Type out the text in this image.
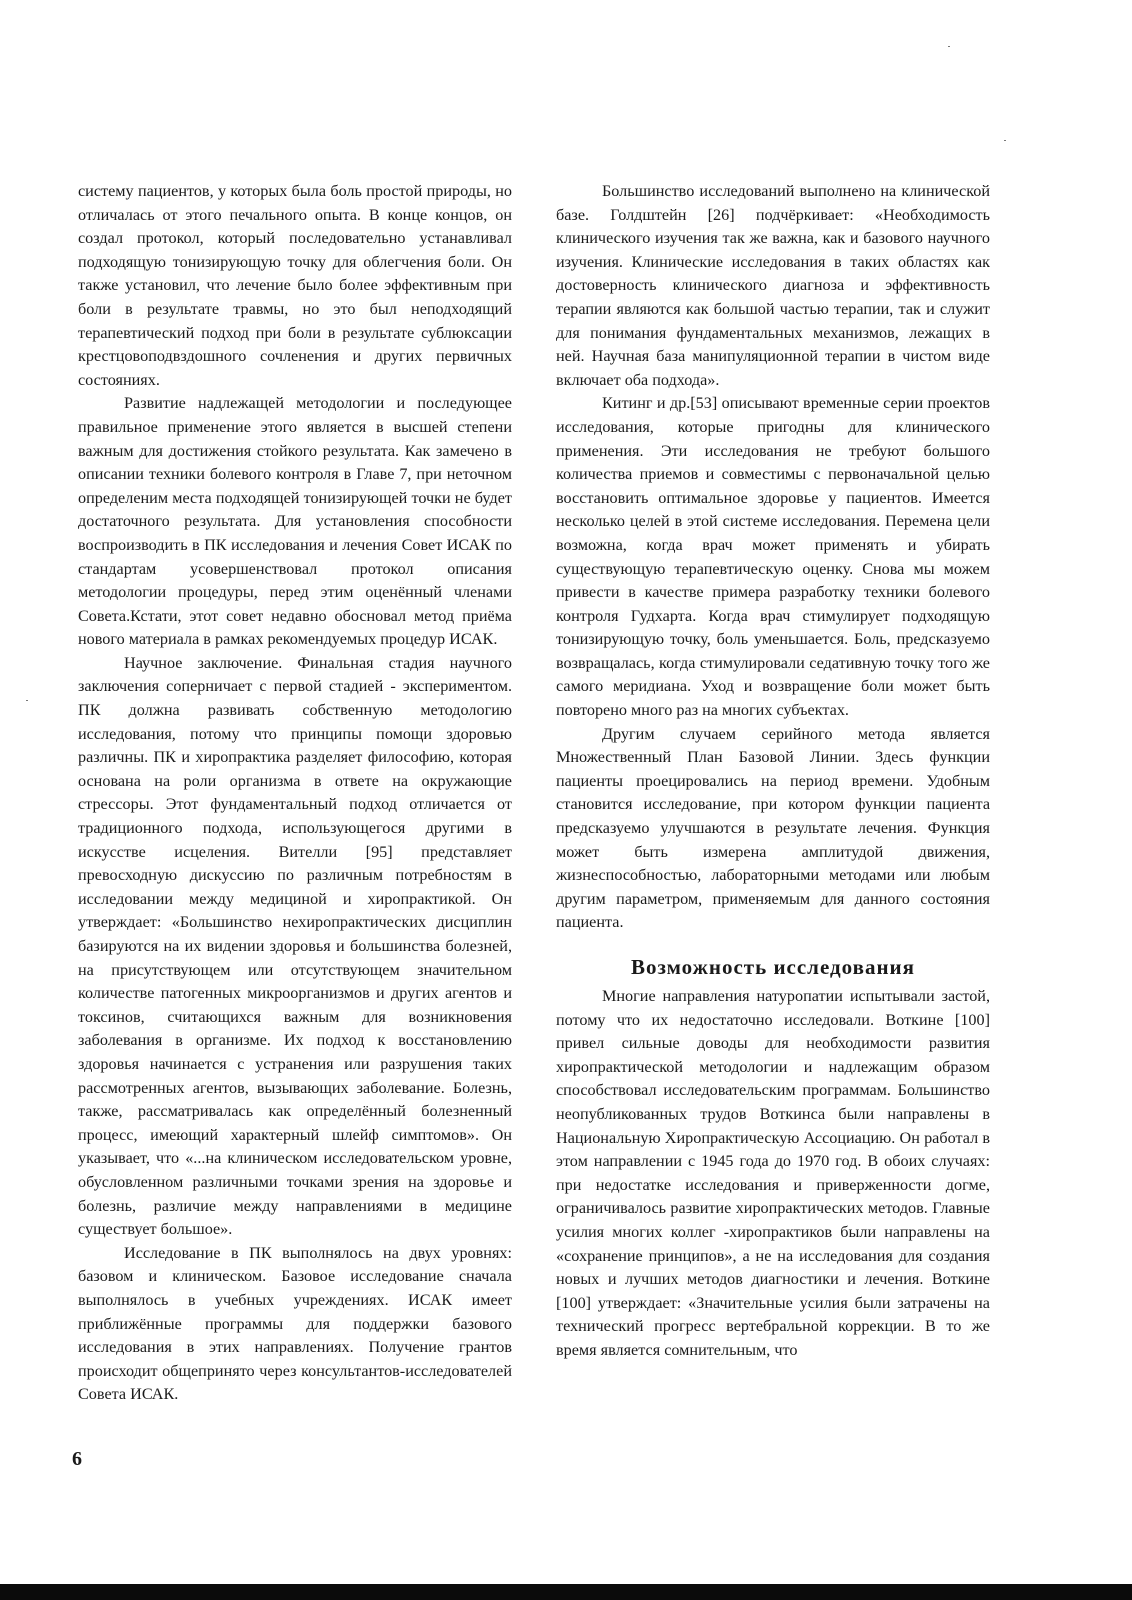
систему пациентов, у которых была боль простой природы, но отличалась от этого печального опыта. В конце концов, он создал протокол, который последовательно устанавливал подходящую тонизирующую точку для облегчения боли. Он также установил, что лечение было более эффективным при боли в результате травмы, но это был неподходящий терапевтический подход при боли в результате сублюксации крестцовоподвздошного сочленения и других первичных состояниях.

Развитие надлежащей методологии и последующее правильное применение этого является в высшей степени важным для достижения стойкого результата. Как замечено в описании техники болевого контроля в Главе 7, при неточном определеним места подходящей тонизирующей точки не будет достаточного результата. Для установления способности воспроизводить в ПК исследования и лечения Совет ИСАК по стандартам усовершенствовал протокол описания методологии процедуры, перед этим оценённый членами Совета.Кстати, этот совет недавно обосновал метод приёма нового материала в рамках рекомендуемых процедур ИСАК.

Научное заключение. Финальная стадия научного заключения соперничает с первой стадией - экспериментом. ПК должна развивать собственную методологию исследования, потому что принципы помощи здоровью различны. ПК и хиропрактика разделяет философию, которая основана на роли организма в ответе на окружающие стрессоры. Этот фундаментальный подход отличается от традиционного подхода, использующегося другими в искусстве исцеления. Вителли [95] представляет превосходную дискуссию по различным потребностям в исследовании между медициной и хиропрактикой. Он утверждает: «Большинство нехиропрактических дисциплин базируются на их видении здоровья и большинства болезней, на присутствующем или отсутствующем значительном количестве патогенных микроорганизмов и других агентов и токсинов, считающихся важным для возникновения заболевания в организме. Их подход к восстановлению здоровья начинается с устранения или разрушения таких рассмотренных агентов, вызывающих заболевание. Болезнь, также, рассматривалась как определённый болезненный процесс, имеющий характерный шлейф симптомов». Он указывает, что «...на клиническом исследовательском уровне, обусловленном различными точками зрения на здоровье и болезнь, различие между направлениями в медицине существует большое».

Исследование в ПК выполнялось на двух уровнях: базовом и клиническом. Базовое исследование сначала выполнялось в учебных учреждениях. ИСАК имеет приближённые программы для поддержки базового исследования в этих направлениях. Получение грантов происходит общепринято через консультантов-исследователей Совета ИСАК.

Большинство исследований выполнено на клинической базе. Голдштейн [26] подчёркивает: «Необходимость клинического изучения так же важна, как и базового научного изучения. Клинические исследования в таких областях как достоверность клинического диагноза и эффективность терапии являются как большой частью терапии, так и служит для понимания фундаментальных механизмов, лежащих в ней. Научная база манипуляционной терапии в чистом виде включает оба подхода».

Китинг и др.[53] описывают временные серии проектов исследования, которые пригодны для клинического применения. Эти исследования не требуют большого количества приемов и совместимы с первоначальной целью восстановить оптимальное здоровье у пациентов. Имеется несколько целей в этой системе исследования. Перемена цели возможна, когда врач может применять и убирать существующую терапевтическую оценку. Снова мы можем привести в качестве примера разработку техники болевого контроля Гудхарта. Когда врач стимулирует подходящую тонизирующую точку, боль уменьшается. Боль, предсказуемо возвращалась, когда стимулировали седативную точку того же самого меридиана. Уход и возвращение боли может быть повторено много раз на многих субъектах.

Другим случаем серийного метода является Множественный План Базовой Линии. Здесь функции пациенты проецировались на период времени. Удобным становится исследование, при котором функции пациента предсказуемо улучшаются в результате лечения. Функция может быть измерена амплитудой движения, жизнеспособностью, лабораторными методами или любым другим параметром, применяемым для данного состояния пациента.

Возможность исследования

Многие направления натуропатии испытывали застой, потому что их недостаточно исследовали. Воткине [100] привел сильные доводы для необходимости развития хиропрактической методологии и надлежащим образом способствовал исследовательским программам. Большинство неопубликованных трудов Воткинса были направлены в Национальную Хиропрактическую Ассоциацию. Он работал в этом направлении с 1945 года до 1970 год. В обоих случаях: при недостатке исследования и приверженности догме, ограничивалось развитие хиропрактических методов. Главные усилия многих коллег -хиропрактиков были направлены на «сохранение принципов», а не на исследования для создания новых и лучших методов диагностики и лечения. Воткине [100] утверждает: «Значительные усилия были затрачены на технический прогресс вертебральной коррекции. В то же время является сомнительным, что

6
